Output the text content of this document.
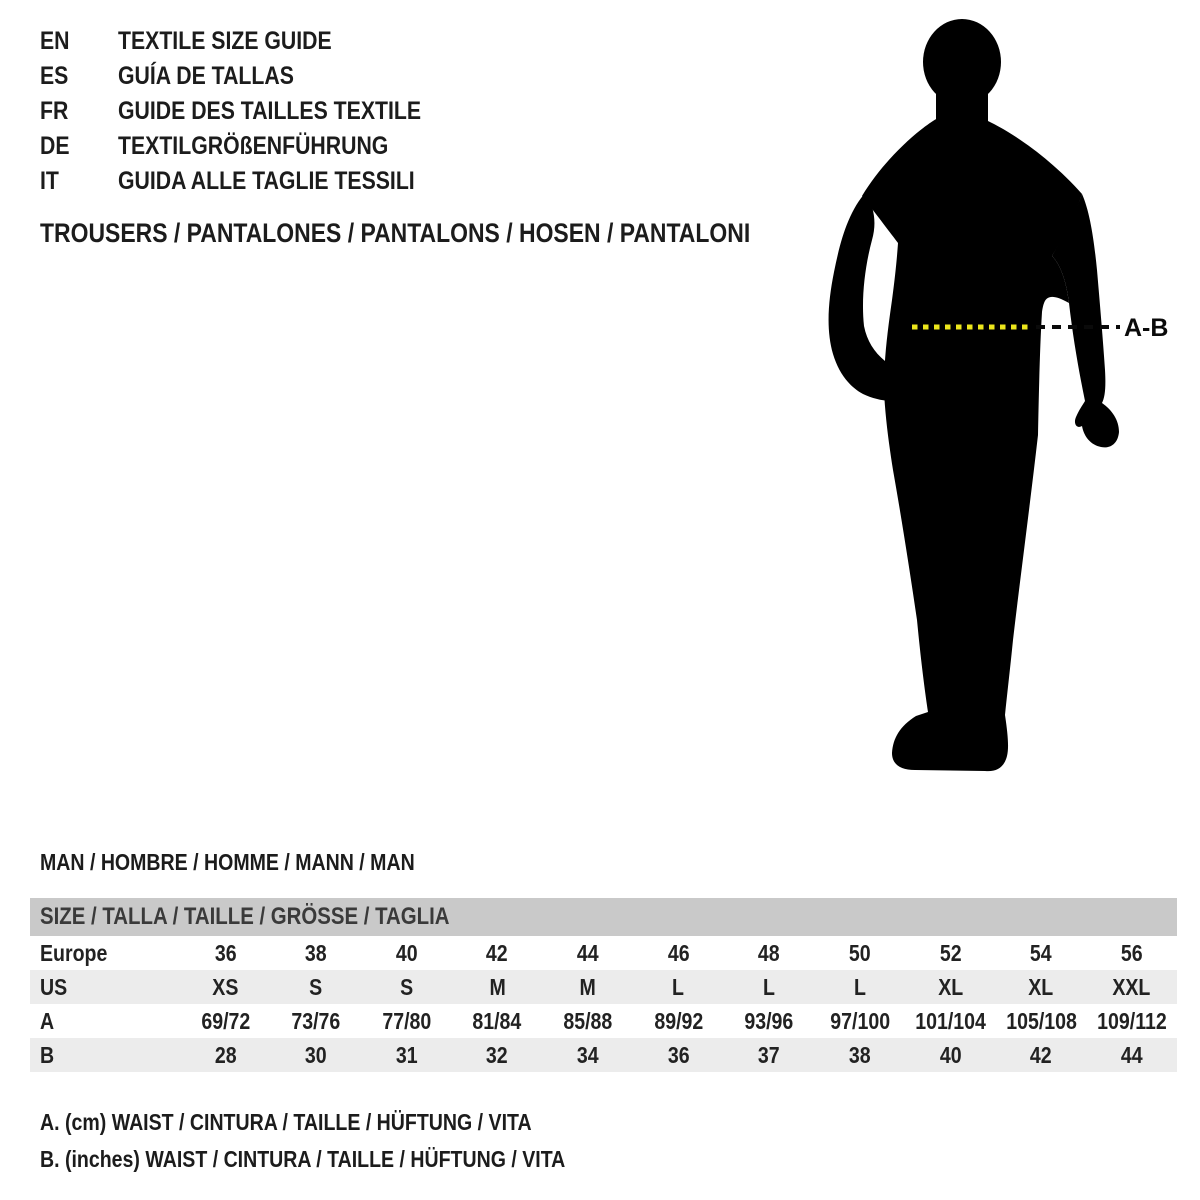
EN	TEXTILE SIZE GUIDE
ES	GUÍA DE TALLAS
FR	GUIDE DES TAILLES TEXTILE
DE	TEXTILGRÖßENFÜHRUNG
IT	GUIDA ALLE TAGLIE TESSILI
TROUSERS / PANTALONES / PANTALONS / HOSEN / PANTALONI
A-B
MAN / HOMBRE / HOMME / MANN / MAN
SIZE / TALLA / TAILLE / GRÖSSE / TAGLIA
Europe	36	38	40	42	44	46	48	50	52	54	56
US	XS	S	S	M	M	L	L	L	XL	XL	XXL
A	69/72 73/76 77/80 81/84 85/88 89/92 93/96 97/100 101/104 105/108 109/112
B	28	30	31	32	34	36	37	38	40	42	44
A. (cm) WAIST / CINTURA / TAILLE / HÜFTUNG / VITA
B. (inches) WAIST / CINTURA / TAILLE / HÜFTUNG / VITA
